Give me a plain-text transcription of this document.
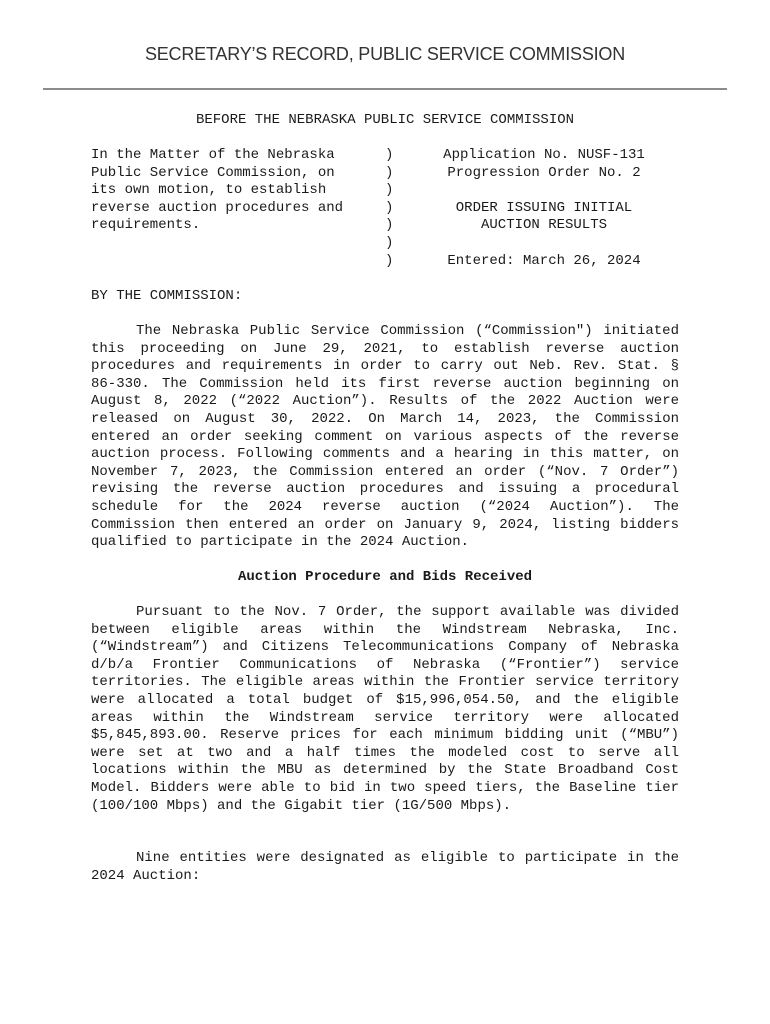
SECRETARY’S RECORD, PUBLIC SERVICE COMMISSION
BEFORE THE NEBRASKA PUBLIC SERVICE COMMISSION
In the Matter of the Nebraska
Public Service Commission, on
its own motion, to establish
reverse auction procedures and
requirements.
)
)
)
)
)
)
)
Application No. NUSF-131
Progression Order No. 2
ORDER ISSUING INITIAL
AUCTION RESULTS
Entered: March 26, 2024
BY THE COMMISSION:

The Nebraska Public Service Commission (“Commission") initiated this proceeding on June 29, 2021, to establish reverse auction procedures and requirements in order to carry out Neb. Rev. Stat. § 86-330. The Commission held its first reverse auction beginning on August 8, 2022 (“2022 Auction”). Results of the 2022 Auction were released on August 30, 2022. On March 14, 2023, the Commission entered an order seeking comment on various aspects of the reverse auction process. Following comments and a hearing in this matter, on November 7, 2023, the Commission entered an order (“Nov. 7 Order”) revising the reverse auction procedures and issuing a procedural schedule for the 2024 reverse auction (“2024 Auction”). The Commission then entered an order on January 9, 2024, listing bidders qualified to participate in the 2024 Auction.

Auction Procedure and Bids Received

Pursuant to the Nov. 7 Order, the support available was divided between eligible areas within the Windstream Nebraska, Inc. (“Windstream”) and Citizens Telecommunications Company of Nebraska d/b/a Frontier Communications of Nebraska (“Frontier”) service territories. The eligible areas within the Frontier service territory were allocated a total budget of $15,996,054.50, and the eligible areas within the Windstream service territory were allocated $5,845,893.00. Reserve prices for each minimum bidding unit (“MBU”) were set at two and a half times the modeled cost to serve all locations within the MBU as determined by the State Broadband Cost Model. Bidders were able to bid in two speed tiers, the Baseline tier (100/100 Mbps) and the Gigabit tier (1G/500 Mbps).

Nine entities were designated as eligible to participate in the 2024 Auction:
